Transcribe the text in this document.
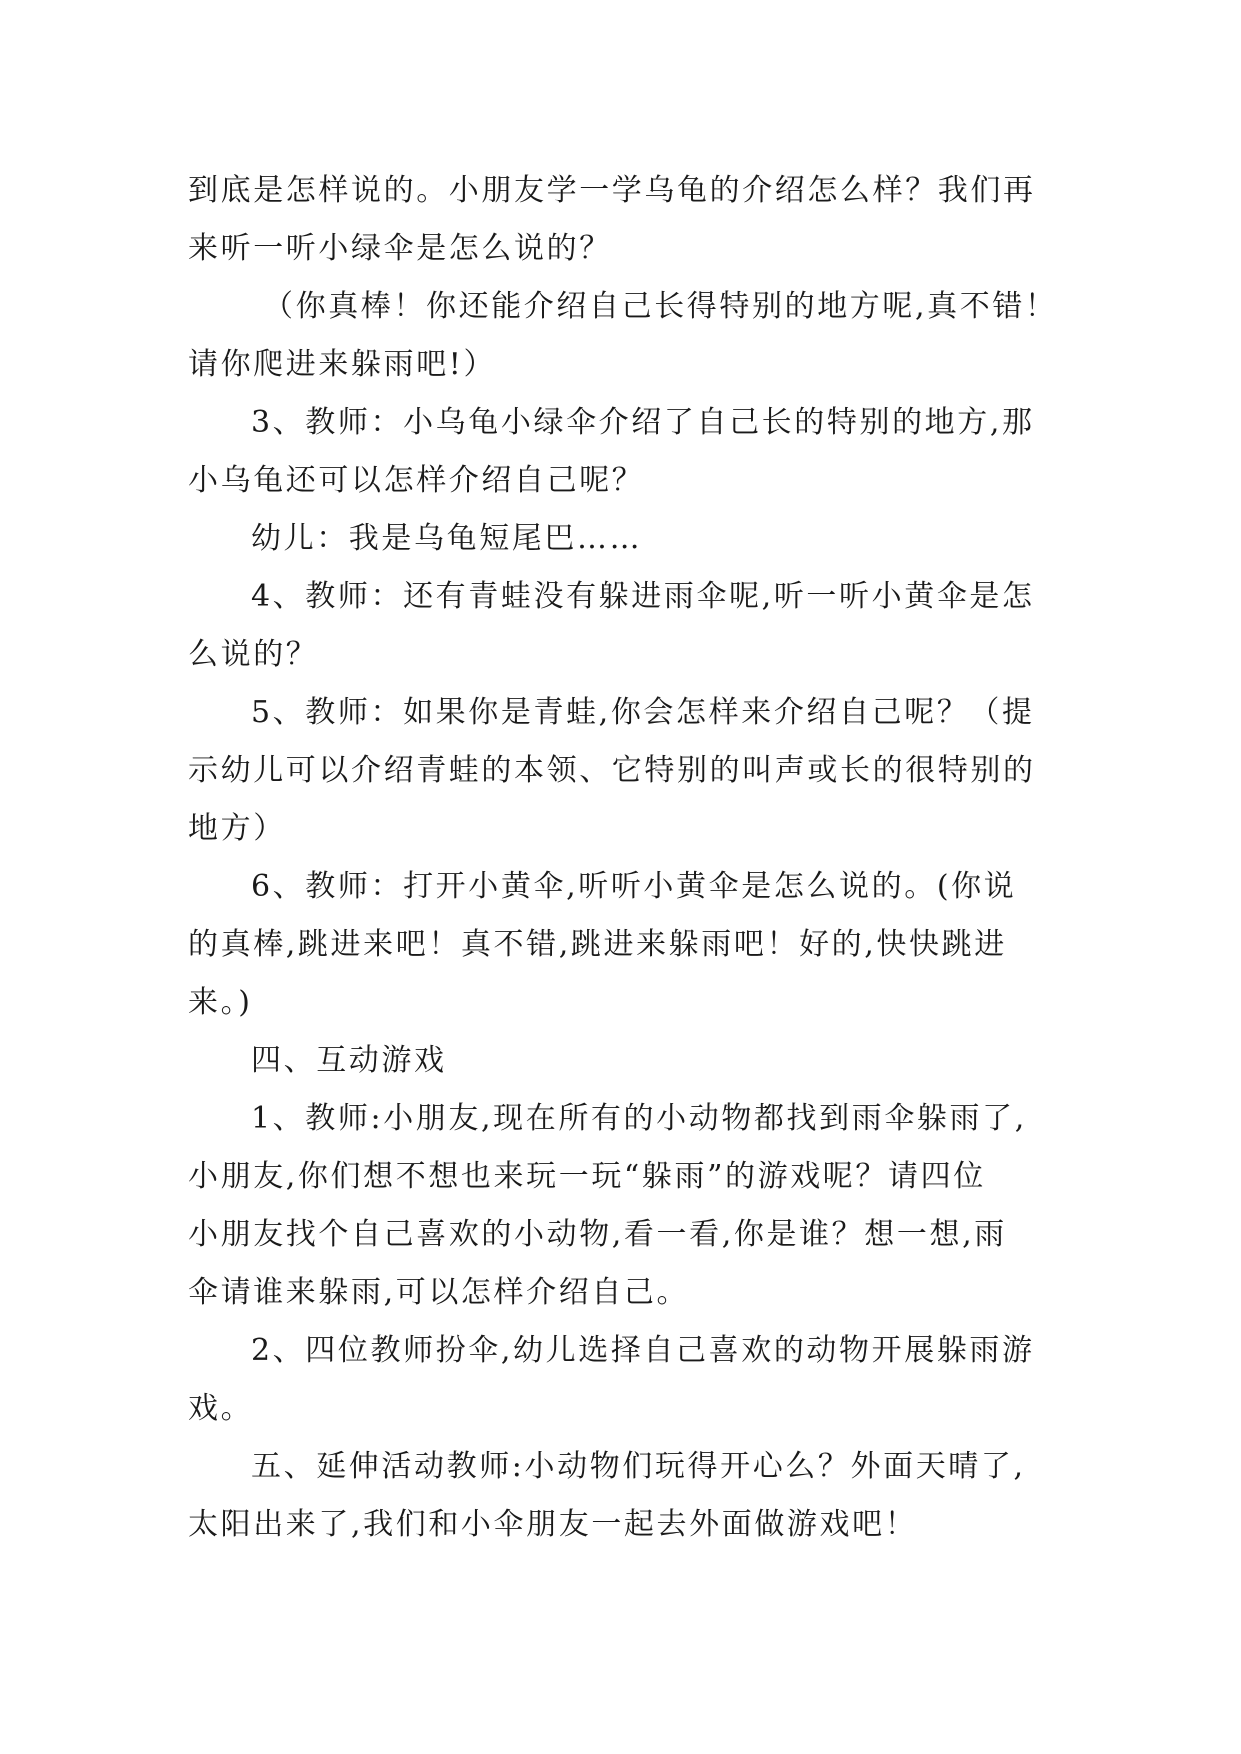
到底是怎样说的。小朋友学一学乌龟的介绍怎么样？我们再

来听一听小绿伞是怎么说的？

（你真棒！你还能介绍自己长得特别的地方呢,真不错！

请你爬进来躲雨吧!）

3、教师：小乌龟小绿伞介绍了自己长的特别的地方,那

小乌龟还可以怎样介绍自己呢？

幼儿：我是乌龟短尾巴……

4、教师：还有青蛙没有躲进雨伞呢,听一听小黄伞是怎

么说的？

5、教师：如果你是青蛙,你会怎样来介绍自己呢？（提

示幼儿可以介绍青蛙的本领、它特别的叫声或长的很特别的

地方）

6、教师：打开小黄伞,听听小黄伞是怎么说的。(你说

的真棒,跳进来吧！真不错,跳进来躲雨吧！好的,快快跳进

来。)

四、互动游戏

1、教师:小朋友,现在所有的小动物都找到雨伞躲雨了,

小朋友,你们想不想也来玩一玩“躲雨”的游戏呢？请四位

小朋友找个自己喜欢的小动物,看一看,你是谁？想一想,雨

伞请谁来躲雨,可以怎样介绍自己。

2、四位教师扮伞,幼儿选择自己喜欢的动物开展躲雨游

戏。

五、延伸活动教师:小动物们玩得开心么？外面天晴了,

太阳出来了,我们和小伞朋友一起去外面做游戏吧！
